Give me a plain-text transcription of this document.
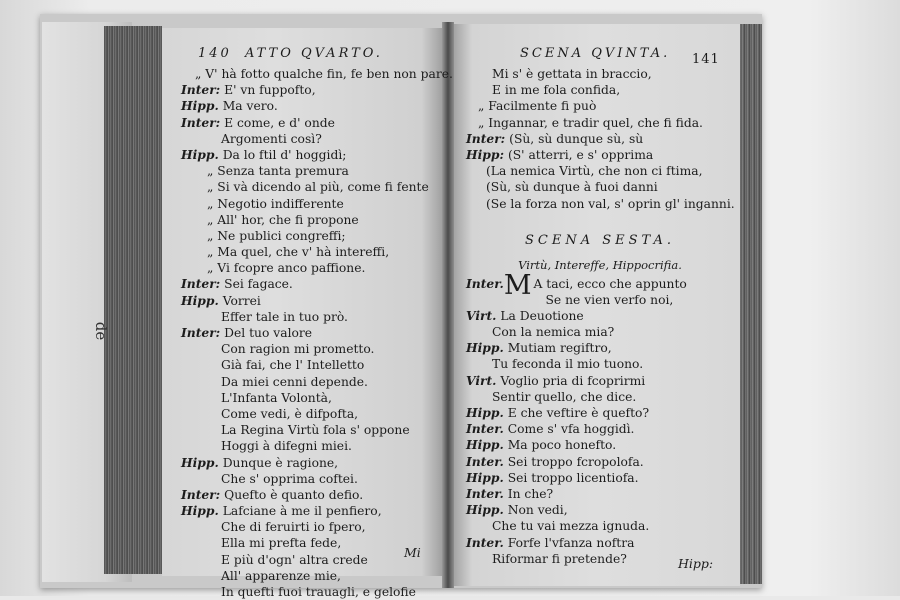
de
140 ATTO QVARTO.
„ V' hà fotto qualche fin, fe ben non pare.
Inter: E' vn fuppofto,
Hipp. Ma vero.
Inter: E come, e d' onde
Argomenti così?
Hipp. Da lo ftil d' hoggidì;
„ Senza tanta premura
„ Si và dicendo al più, come fi fente
„ Negotio indifferente
„ All' hor, che fi propone
„ Ne publici congreffi;
„ Ma quel, che v' hà intereffi,
„ Vi fcopre anco paffione.
Inter: Sei fagace.
Hipp. Vorrei
Effer tale in tuo prò.
Inter: Del tuo valore
Con ragion mi prometto.
Già fai, che l' Intelletto
Da miei cenni depende.
L'Infanta Volontà,
Come vedi, è difpofta,
La Regina Virtù fola s' oppone
Hoggi à difegni miei.
Hipp. Dunque è ragione,
Che s' opprima coftei.
Inter: Quefto è quanto defio.
Hipp. Lafciane à me il penfiero,
Che di feruirti io fpero,
Ella mi prefta fede,
E più d'ogn' altra crede
All' apparenze mie,
In quefti fuoi trauagli, e gelofie
Mi
SCENA QVINTA. 141
Mi s' è gettata in braccio,
E in me fola confida,
„ Facilmente fi può
„ Ingannar, e tradir quel, che fi fida.
Inter: (Sù, sù dunque sù, sù
Hipp: (S' atterri, e s' opprima
(La nemica Virtù, che non ci ftima,
(Sù, sù dunque à fuoi danni
(Se la forza non val, s' oprin gl' inganni.
SCENA SESTA.
Virtù, Intereffe, Hippocrifia.
Inter.M A taci, ecco che appunto
Se ne vien verfo noi,
Virt. La Deuotione
Con la nemica mia?
Hipp. Mutiam regiftro,
Tu feconda il mio tuono.
Virt. Voglio pria di fcoprirmi
Sentir quello, che dice.
Hipp. E che veftire è quefto?
Inter. Come s' vfa hoggidì.
Hipp. Ma poco honefto.
Inter. Sei troppo fcropolofa.
Hipp. Sei troppo licentiofa.
Inter. In che?
Hipp. Non vedi,
Che tu vai mezza ignuda.
Inter. Forfe l'vfanza noftra
Riformar fi pretende?	Hipp:
